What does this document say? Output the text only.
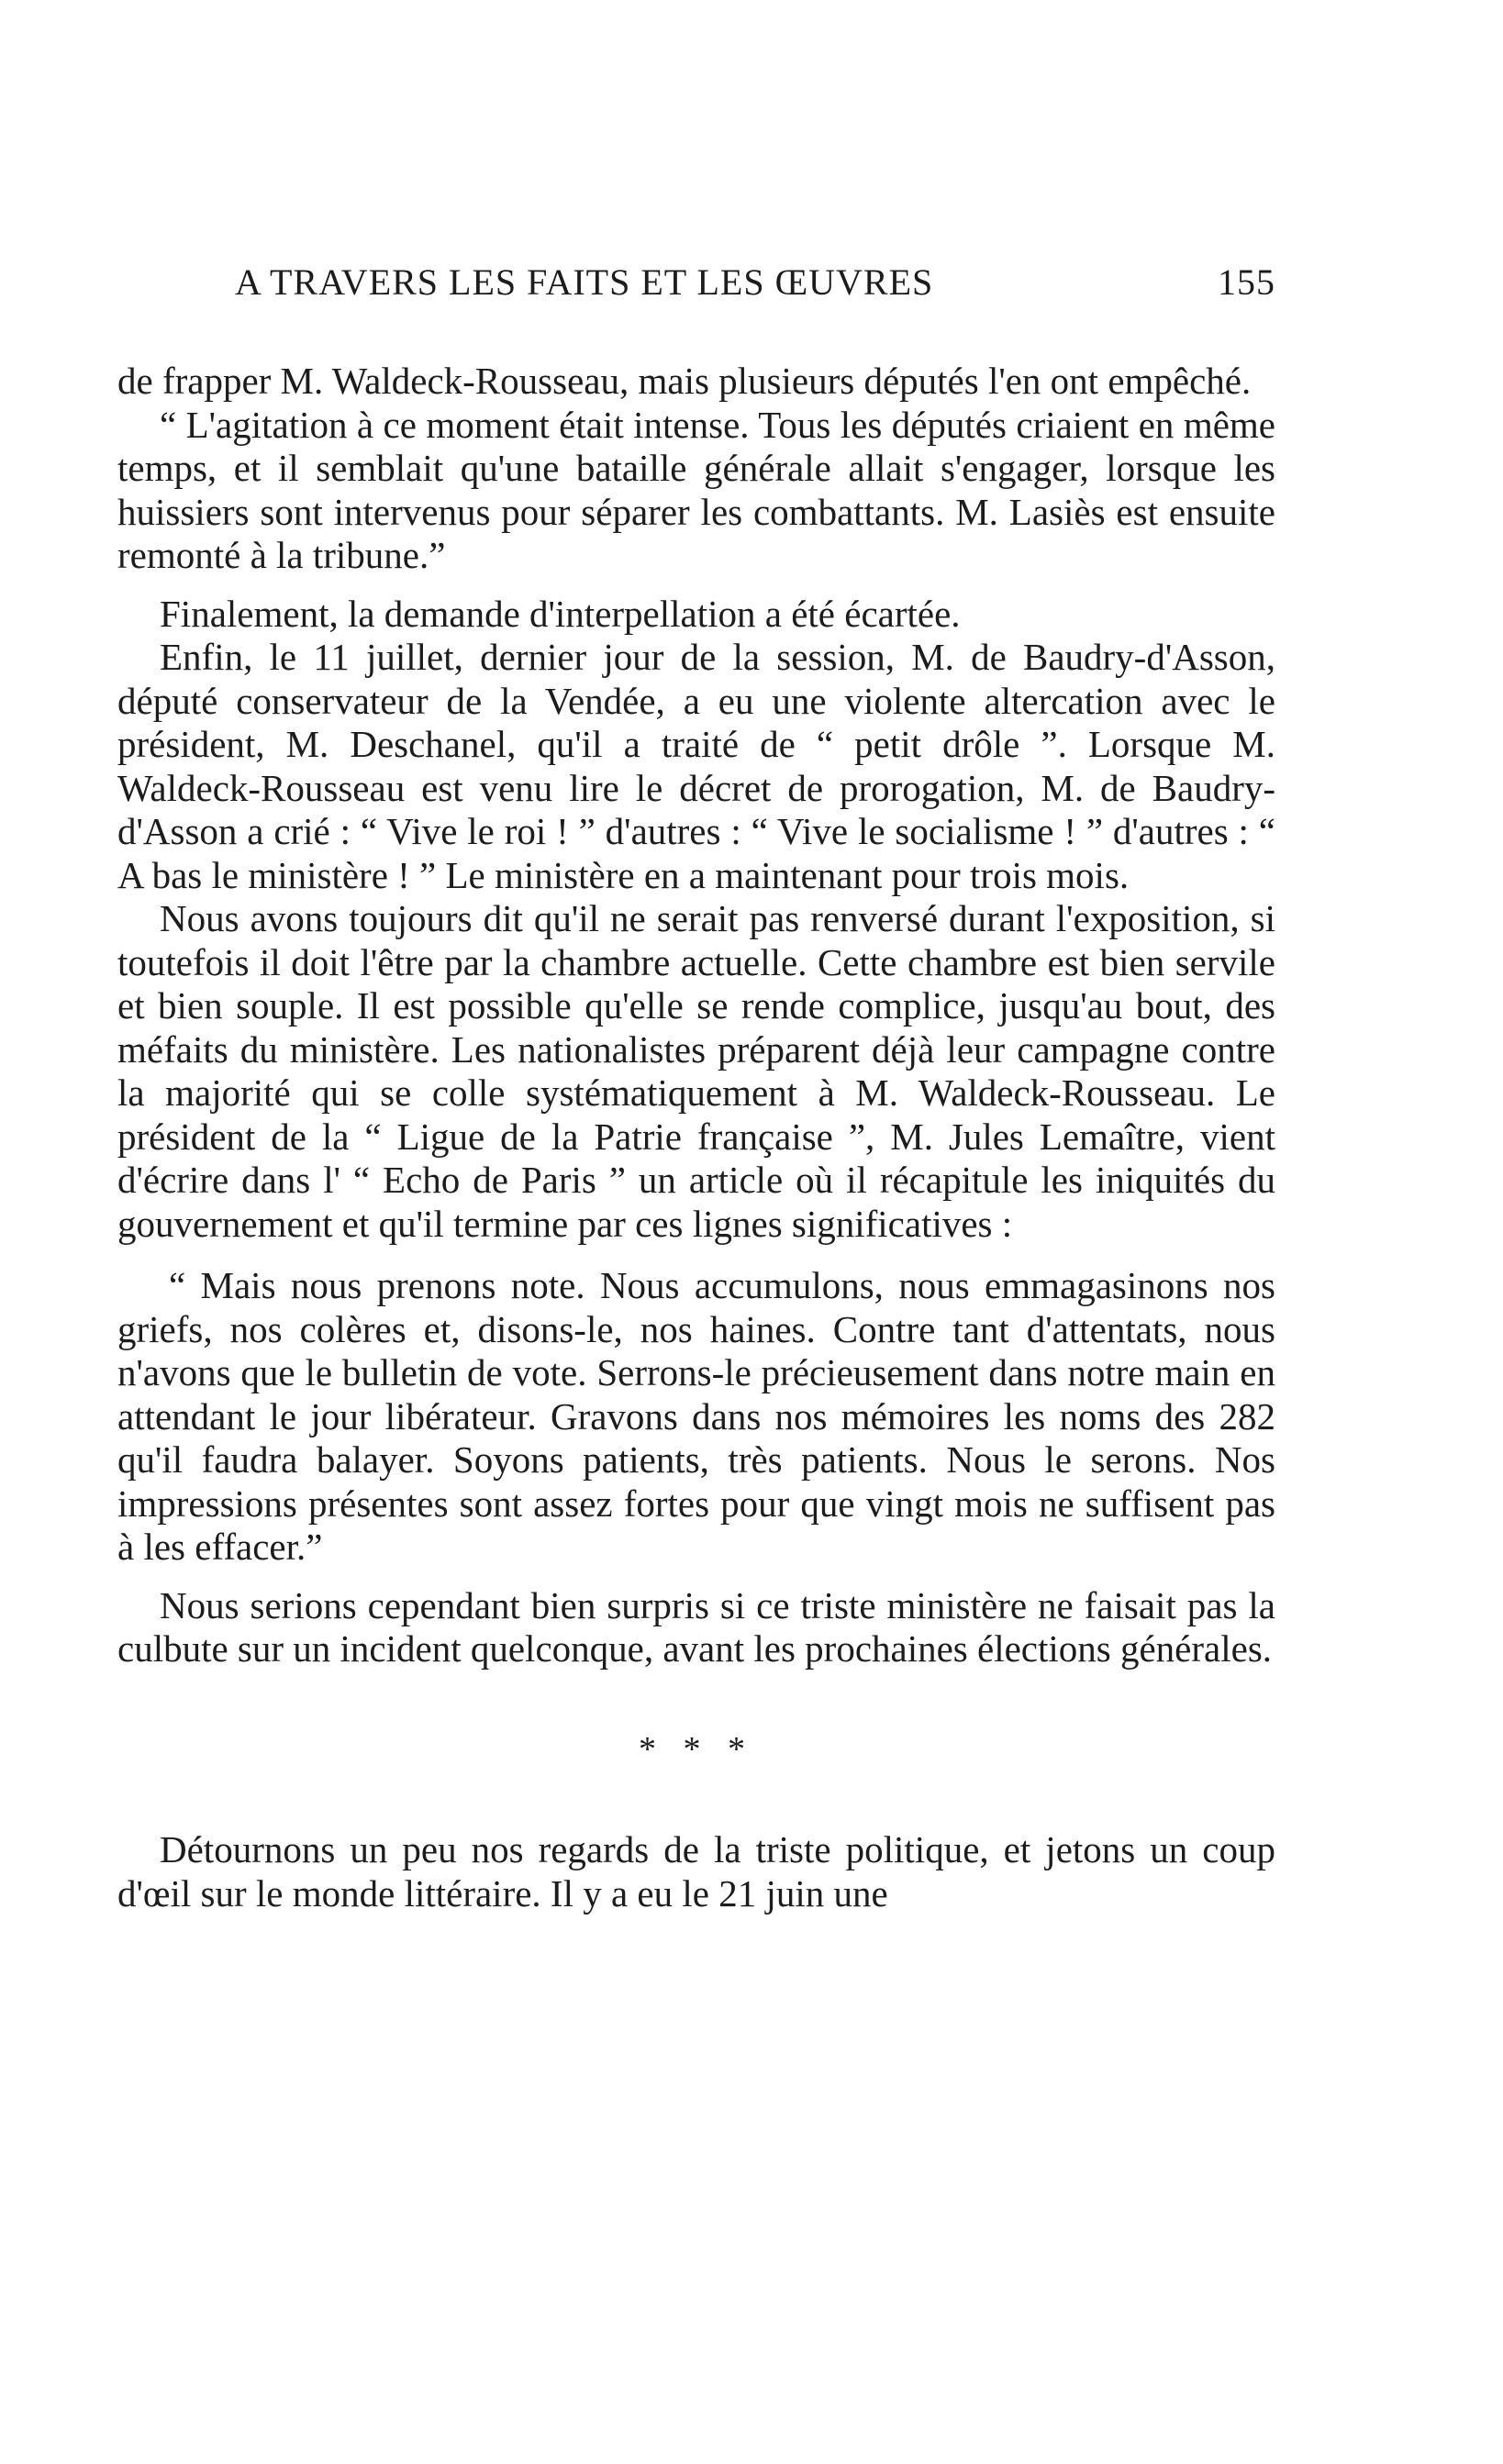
A TRAVERS LES FAITS ET LES ŒUVRES	155

de frapper M. Waldeck-Rousseau, mais plusieurs députés l'en ont empêché.

“ L'agitation à ce moment était intense. Tous les députés criaient en même temps, et il semblait qu'une bataille générale allait s'engager, lorsque les huissiers sont intervenus pour séparer les combattants. M. Lasiès est ensuite remonté à la tribune.”

Finalement, la demande d'interpellation a été écartée.

Enfin, le 11 juillet, dernier jour de la session, M. de Baudry-d'Asson, député conservateur de la Vendée, a eu une violente altercation avec le président, M. Deschanel, qu'il a traité de “ petit drôle ”. Lorsque M. Waldeck-Rousseau est venu lire le décret de prorogation, M. de Baudry-d'Asson a crié : “ Vive le roi ! ” d'autres : “ Vive le socialisme ! ” d'autres : “ A bas le ministère ! ” Le ministère en a maintenant pour trois mois.

Nous avons toujours dit qu'il ne serait pas renversé durant l'exposition, si toutefois il doit l'être par la chambre actuelle. Cette chambre est bien servile et bien souple. Il est possible qu'elle se rende complice, jusqu'au bout, des méfaits du ministère. Les nationalistes préparent déjà leur campagne contre la majorité qui se colle systématiquement à M. Waldeck-Rousseau. Le président de la “ Ligue de la Patrie française ”, M. Jules Lemaître, vient d'écrire dans l' “ Echo de Paris ” un article où il récapitule les iniquités du gouvernement et qu'il termine par ces lignes significatives :

“ Mais nous prenons note. Nous accumulons, nous emmagasinons nos griefs, nos colères et, disons-le, nos haines. Contre tant d'attentats, nous n'avons que le bulletin de vote. Serrons-le précieusement dans notre main en attendant le jour libérateur. Gravons dans nos mémoires les noms des 282 qu'il faudra balayer. Soyons patients, très patients. Nous le serons. Nos impressions présentes sont assez fortes pour que vingt mois ne suffisent pas à les effacer.”

Nous serions cependant bien surpris si ce triste ministère ne faisait pas la culbute sur un incident quelconque, avant les prochaines élections générales.

* * *

Détournons un peu nos regards de la triste politique, et jetons un coup d'œil sur le monde littéraire. Il y a eu le 21 juin une
